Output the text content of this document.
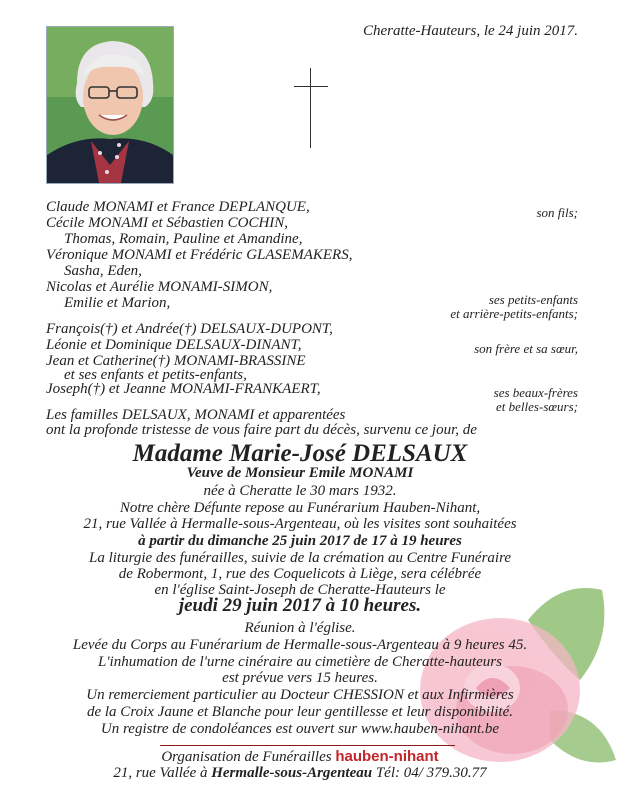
Cheratte-Hauteurs, le 24 juin 2017.
Claude MONAMI et France DEPLANQUE,
Cécile MONAMI et Sébastien COCHIN,
Thomas, Romain, Pauline et Amandine,
Véronique MONAMI et Frédéric GLASEMAKERS,
Sasha, Eden,
Nicolas et Aurélie MONAMI-SIMON,
Emilie et Marion,
François(†) et Andrée(†) DELSAUX-DUPONT,
Léonie et Dominique DELSAUX-DINANT,
Jean et Catherine(†) MONAMI-BRASSINE
et ses enfants et petits-enfants,
Joseph(†) et Jeanne MONAMI-FRANKAERT,
Les familles DELSAUX, MONAMI et apparentées
ont la profonde tristesse de vous faire part du décès, survenu ce jour, de
son fils;
ses petits-enfants
et arrière-petits-enfants;
son frère et sa sœur,
ses beaux-frères
et belles-sœurs;
Madame Marie-José DELSAUX
Veuve de Monsieur Emile MONAMI
née à Cheratte le 30 mars 1932.
Notre chère Défunte repose au Funérarium Hauben-Nihant,
21, rue Vallée à Hermalle-sous-Argenteau, où les visites sont souhaitées
à partir du dimanche 25 juin 2017 de 17 à 19 heures
La liturgie des funérailles, suivie de la crémation au Centre Funéraire
de Robermont, 1, rue des Coquelicots à Liège, sera célébrée
en l'église Saint-Joseph de Cheratte-Hauteurs le
jeudi 29 juin 2017 à 10 heures.
Réunion à l'église.
Levée du Corps au Funérarium de Hermalle-sous-Argenteau à 9 heures 45.
L'inhumation de l'urne cinéraire au cimetière de Cheratte-hauteurs
est prévue vers 15 heures.
Un remerciement particulier au Docteur CHESSION et aux Infirmières
de la Croix Jaune et Blanche pour leur gentillesse et leur disponibilité.
Un registre de condoléances est ouvert sur www.hauben-nihant.be
Organisation de Funérailles hauben-nihant
21, rue Vallée à Hermalle-sous-Argenteau Tél: 04/ 379.30.77
